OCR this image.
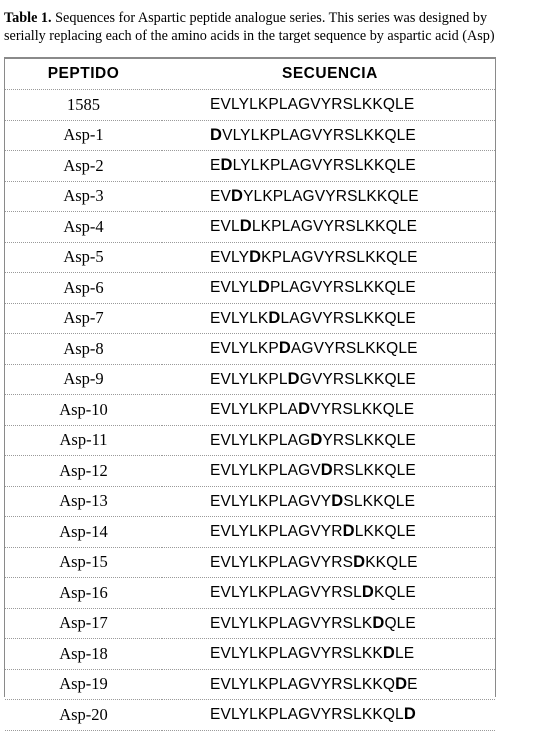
Table 1. Sequences for Aspartic peptide analogue series. This series was designed by serially replacing each of the amino acids in the target sequence by aspartic acid (Asp)
PEPTIDO	SECUENCIA
1585	EVLYLKPLAGVYRSLKKQLE
Asp-1	DVLYLKPLAGVYRSLKKQLE
Asp-2	EDLYLKPLAGVYRSLKKQLE
Asp-3	EVDYLKPLAGVYRSLKKQLE
Asp-4	EVLDLKPLAGVYRSLKKQLE
Asp-5	EVLYDKPLAGVYRSLKKQLE
Asp-6	EVLYLDPLAGVYRSLKKQLE
Asp-7	EVLYLKDLAGVYRSLKKQLE
Asp-8	EVLYLKPDAGVYRSLKKQLE
Asp-9	EVLYLKPLDGVYRSLKKQLE
Asp-10	EVLYLKPLADVYRSLKKQLE
Asp-11	EVLYLKPLAGDYRSLKKQLE
Asp-12	EVLYLKPLAGVDRSLKKQLE
Asp-13	EVLYLKPLAGVYDSLKKQLE
Asp-14	EVLYLKPLAGVYRDLKKQLE
Asp-15	EVLYLKPLAGVYRSDKKQLE
Asp-16	EVLYLKPLAGVYRSLDKQLE
Asp-17	EVLYLKPLAGVYRSLKDQLE
Asp-18	EVLYLKPLAGVYRSLKKDLE
Asp-19	EVLYLKPLAGVYRSLKKQDE
Asp-20	EVLYLKPLAGVYRSLKKQLD
